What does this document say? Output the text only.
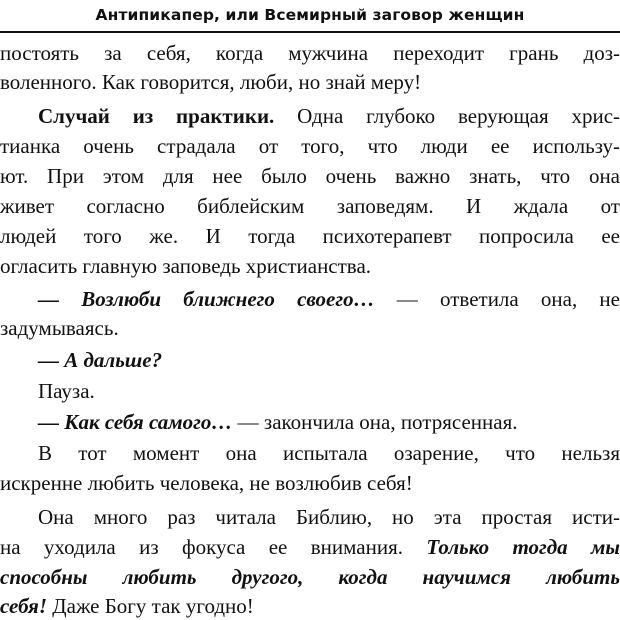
Антипикапер, или Всемирный заговор женщин
постоять за себя, когда мужчина переходит грань доз-
воленного. Как говорится, люби, но знай меру!
Случай из практики. Одна глубоко верующая хрис-
тианка очень страдала от того, что люди ее использу-
ют. При этом для нее было очень важно знать, что она
живет согласно библейским заповедям. И ждала от
людей того же. И тогда психотерапевт попросила ее
огласить главную заповедь христианства.
— Возлюби ближнего своего… — ответила она, не
задумываясь.
— А дальше?
Пауза.
— Как себя самого… — закончила она, потрясенная.
В тот момент она испытала озарение, что нельзя
искренне любить человека, не возлюбив себя!
Она много раз читала Библию, но эта простая исти-
на уходила из фокуса ее внимания. Только тогда мы
способны любить другого, когда научимся любить
себя! Даже Богу так угодно!
